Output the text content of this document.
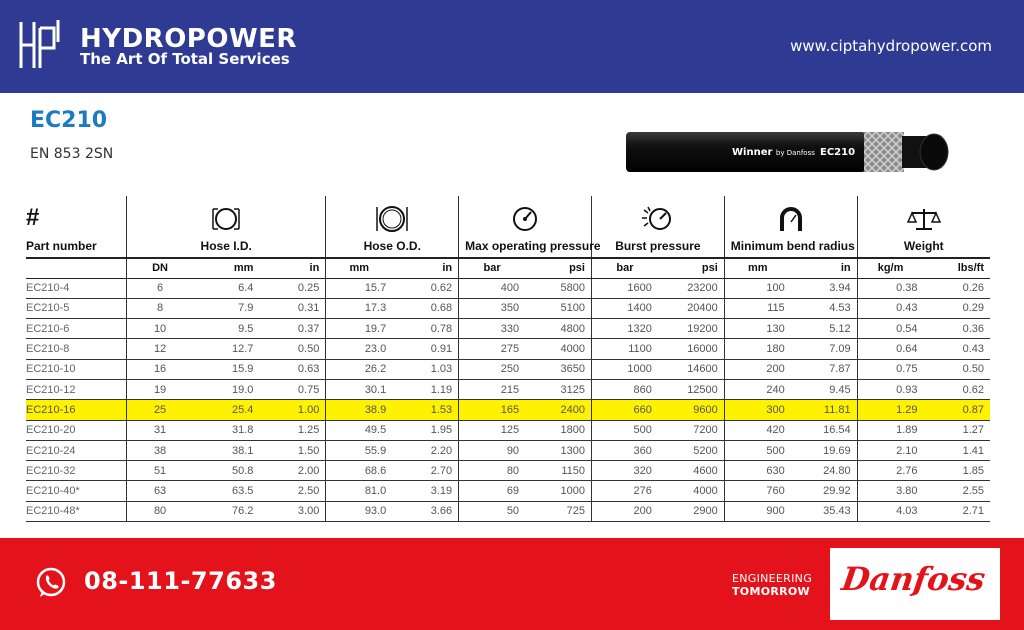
HYDROPOWER
The Art Of Total Services
www.ciptahydropower.com
EC210
EN 853 2SN	Winner by Danfoss EC210
#
Part number	Hose I.D.			Hose O.D.		Max operating pressure		Burst pressure		Minimum bend radius		Weight	

	DN	mm	in	mm	in	bar	psi	bar	psi	mm	in	kg/m	lbs/ft
EC210-4	6	6.4	0.25	15.7	0.62	400	5800	1600	23200	100	3.94	0.38	0.26
EC210-5	8	7.9	0.31	17.3	0.68	350	5100	1400	20400	115	4.53	0.43	0.29
EC210-6	10	9.5	0.37	19.7	0.78	330	4800	1320	19200	130	5.12	0.54	0.36
EC210-8	12	12.7	0.50	23.0	0.91	275	4000	1100	16000	180	7.09	0.64	0.43
EC210-10	16	15.9	0.63	26.2	1.03	250	3650	1000	14600	200	7.87	0.75	0.50
EC210-12	19	19.0	0.75	30.1	1.19	215	3125	860	12500	240	9.45	0.93	0.62
EC210-16	25	25.4	1.00	38.9	1.53	165	2400	660	9600	300	11.81	1.29	0.87
EC210-20	31	31.8	1.25	49.5	1.95	125	1800	500	7200	420	16.54	1.89	1.27
EC210-24	38	38.1	1.50	55.9	2.20	90	1300	360	5200	500	19.69	2.10	1.41
EC210-32	51	50.8	2.00	68.6	2.70	80	1150	320	4600	630	24.80	2.76	1.85
EC210-40*	63	63.5	2.50	81.0	3.19	69	1000	276	4000	760	29.92	3.80	2.55
EC210-48*	80	76.2	3.00	93.0	3.66	50	725	200	2900	900	35.43	4.03	2.71
08-111-77633	ENGINEERING
TOMORROW Danfoss
